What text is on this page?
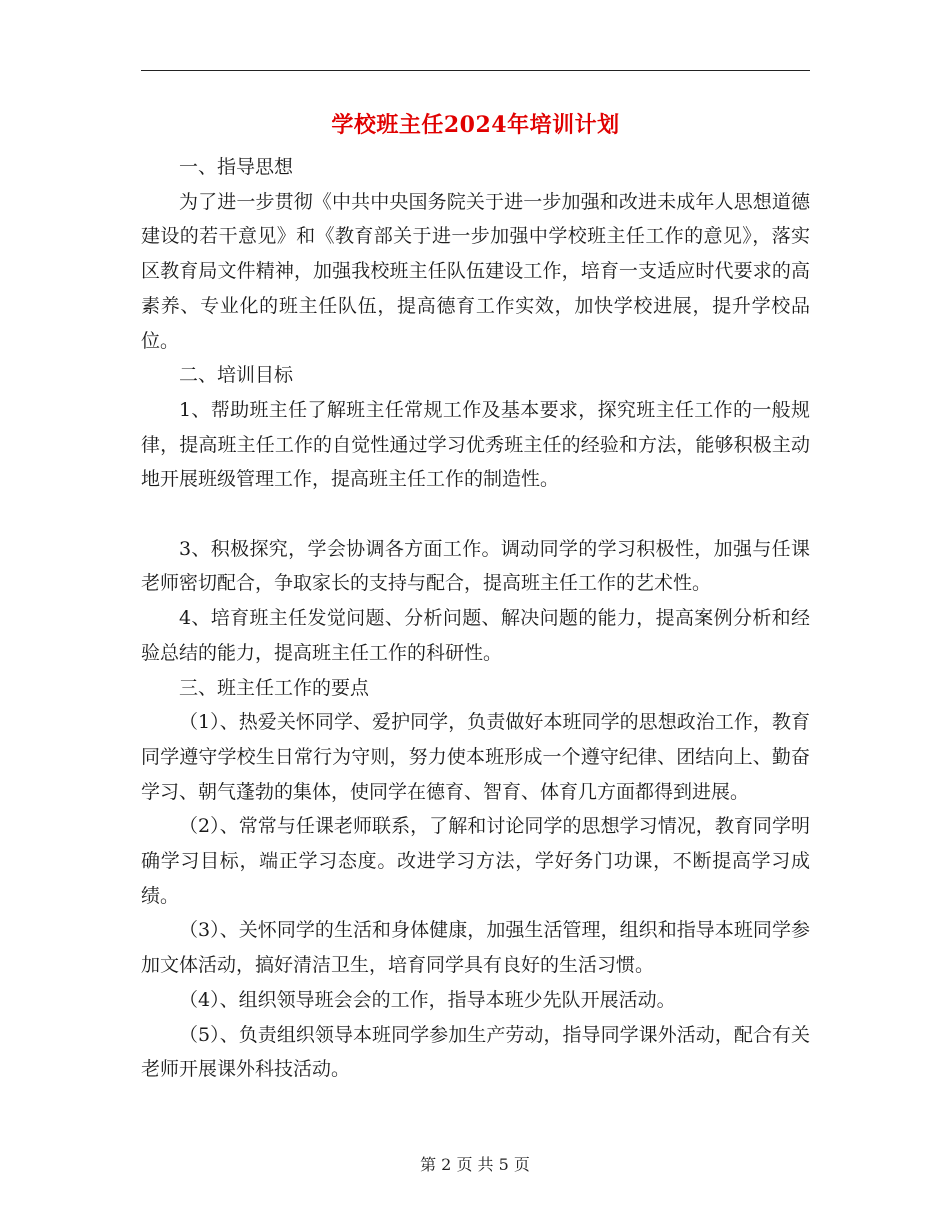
学校班主任2024年培训计划

一、指导思想

为了进一步贯彻《中共中央国务院关于进一步加强和改进未成年人思想道德建设的若干意见》和《教育部关于进一步加强中学校班主任工作的意见》，落实区教育局文件精神，加强我校班主任队伍建设工作，培育一支适应时代要求的高素养、专业化的班主任队伍，提高德育工作实效，加快学校进展，提升学校品位。

二、培训目标

1、帮助班主任了解班主任常规工作及基本要求，探究班主任工作的一般规律，提高班主任工作的自觉性通过学习优秀班主任的经验和方法，能够积极主动地开展班级管理工作，提高班主任工作的制造性。

3、积极探究，学会协调各方面工作。调动同学的学习积极性，加强与任课老师密切配合，争取家长的支持与配合，提高班主任工作的艺术性。

4、培育班主任发觉问题、分析问题、解决问题的能力，提高案例分析和经验总结的能力，提高班主任工作的科研性。

三、班主任工作的要点

（1）、热爱关怀同学、爱护同学，负责做好本班同学的思想政治工作，教育同学遵守学校生日常行为守则，努力使本班形成一个遵守纪律、团结向上、勤奋学习、朝气蓬勃的集体，使同学在德育、智育、体育几方面都得到进展。

（2）、常常与任课老师联系，了解和讨论同学的思想学习情况，教育同学明确学习目标，端正学习态度。改进学习方法，学好务门功课，不断提高学习成绩。

（3）、关怀同学的生活和身体健康，加强生活管理，组织和指导本班同学参加文体活动，搞好清洁卫生，培育同学具有良好的生活习惯。

（4）、组织领导班会会的工作，指导本班少先队开展活动。

（5）、负责组织领导本班同学参加生产劳动，指导同学课外活动，配合有关老师开展课外科技活动。

第 2 页 共 5 页
